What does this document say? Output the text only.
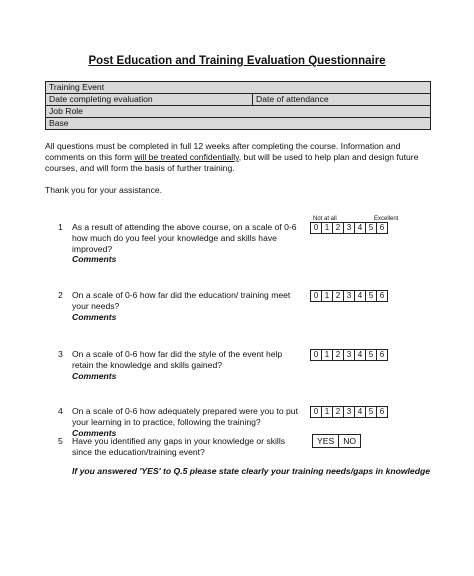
Post Education and Training Evaluation Questionnaire
Training Event
Date completing evaluation	Date of attendance
Job Role
Base
All questions must be completed in full 12 weeks after completing the course. Information and comments on this form will be treated confidentially, but will be used to help plan and design future courses, and will form the basis of further training.
Thank you for your assistance.
Not at all	Excellent
1 As a result of attending the above course, on a scale of 0-6 how much do you feel your knowledge and skills have improved?
Comments
0	1	2	3	4	5	6
2 On a scale of 0-6 how far did the education/ training meet your needs?
Comments
0	1	2	3	4	5	6
3 On a scale of 0-6 how far did the style of the event help retain the knowledge and skills gained?
Comments
0	1	2	3	4	5	6
4 On a scale of 0-6 how adequately prepared were you to put your learning in to practice, following the training?
Comments
0	1	2	3	4	5	6
5 Have you identified any gaps in your knowledge or skills since the education/training event?
YES	NO
If you answered 'YES' to Q.5 please state clearly your training needs/gaps in knowledge
